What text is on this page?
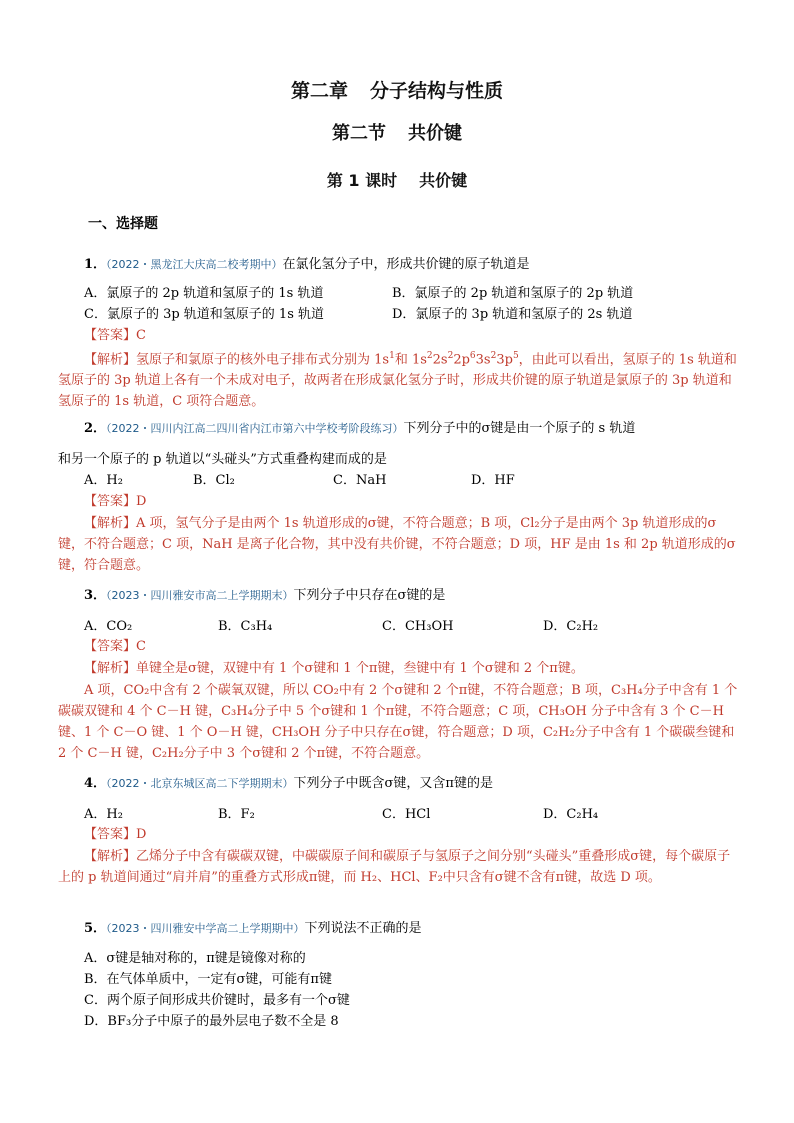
第二章 分子结构与性质
第二节 共价键
第 1 课时 共价键
一、选择题
1．（2022・黑龙江大庆高二校考期中）在氯化氢分子中，形成共价键的原子轨道是
A．氯原子的 2p 轨道和氢原子的 1s 轨道	B．氯原子的 2p 轨道和氢原子的 2p 轨道
C．氯原子的 3p 轨道和氢原子的 1s 轨道	D．氯原子的 3p 轨道和氢原子的 2s 轨道
【答案】C
【解析】氢原子和氯原子的核外电子排布式分别为 $1s^1$和 $1s^22s^22p^63s^23p^5$，由此可以看出，氢原子的 1s 轨道和氢原子的 3p 轨道上各有一个未成对电子，故两者在形成氯化氢分子时，形成共价键的原子轨道是氯原子的 3p 轨道和氢原子的 1s 轨道，C 项符合题意。
2．（2022・四川内江高二四川省内江市第六中学校考阶段练习）下列分子中的σ键是由一个原子的 s 轨道
和另一个原子的 p 轨道以“头碰头”方式重叠构建而成的是
A．H₂	B．Cl₂	C．NaH	D．HF
【答案】D
【解析】A 项，氢气分子是由两个 1s 轨道形成的σ键，不符合题意；B 项，Cl₂分子是由两个 3p 轨道形成的σ键，不符合题意；C 项，NaH 是离子化合物，其中没有共价键，不符合题意；D 项，HF 是由 1s 和 2p 轨道形成的σ键，符合题意。
3．（2023・四川雅安市高二上学期期末）下列分子中只存在σ键的是
A．CO₂	B．C₃H₄	C．CH₃OH	D．C₂H₂
【答案】C
【解析】单键全是σ键，双键中有 1 个σ键和 1 个π键，叁键中有 1 个σ键和 2 个π键。
A 项，CO₂中含有 2 个碳氧双键，所以 CO₂中有 2 个σ键和 2 个π键，不符合题意；B 项，C₃H₄分子中含有 1 个碳碳双键和 4 个 C－H 键，C₃H₄分子中 5 个σ键和 1 个π键，不符合题意；C 项，CH₃OH 分子中含有 3 个 C－H 键、1 个 C－O 键、1 个 O－H 键，CH₃OH 分子中只存在σ键，符合题意；D 项，C₂H₂分子中含有 1 个碳碳叁键和 2 个 C－H 键，C₂H₂分子中 3 个σ键和 2 个π键，不符合题意。
4．（2022・北京东城区高二下学期期末）下列分子中既含σ键，又含π键的是
A．H₂	B．F₂	C．HCl	D．C₂H₄
【答案】D
【解析】乙烯分子中含有碳碳双键，中碳碳原子间和碳原子与氢原子之间分别“头碰头”重叠形成σ键，每个碳原子上的 p 轨道间通过“肩并肩”的重叠方式形成π键，而 H₂、HCl、F₂中只含有σ键不含有π键，故选 D 项。
5．（2023・四川雅安中学高二上学期期中）下列说法不正确的是
A．σ键是轴对称的，π键是镜像对称的
B．在气体单质中，一定有σ键，可能有π键
C．两个原子间形成共价键时，最多有一个σ键
D．BF₃分子中原子的最外层电子数不全是 8
